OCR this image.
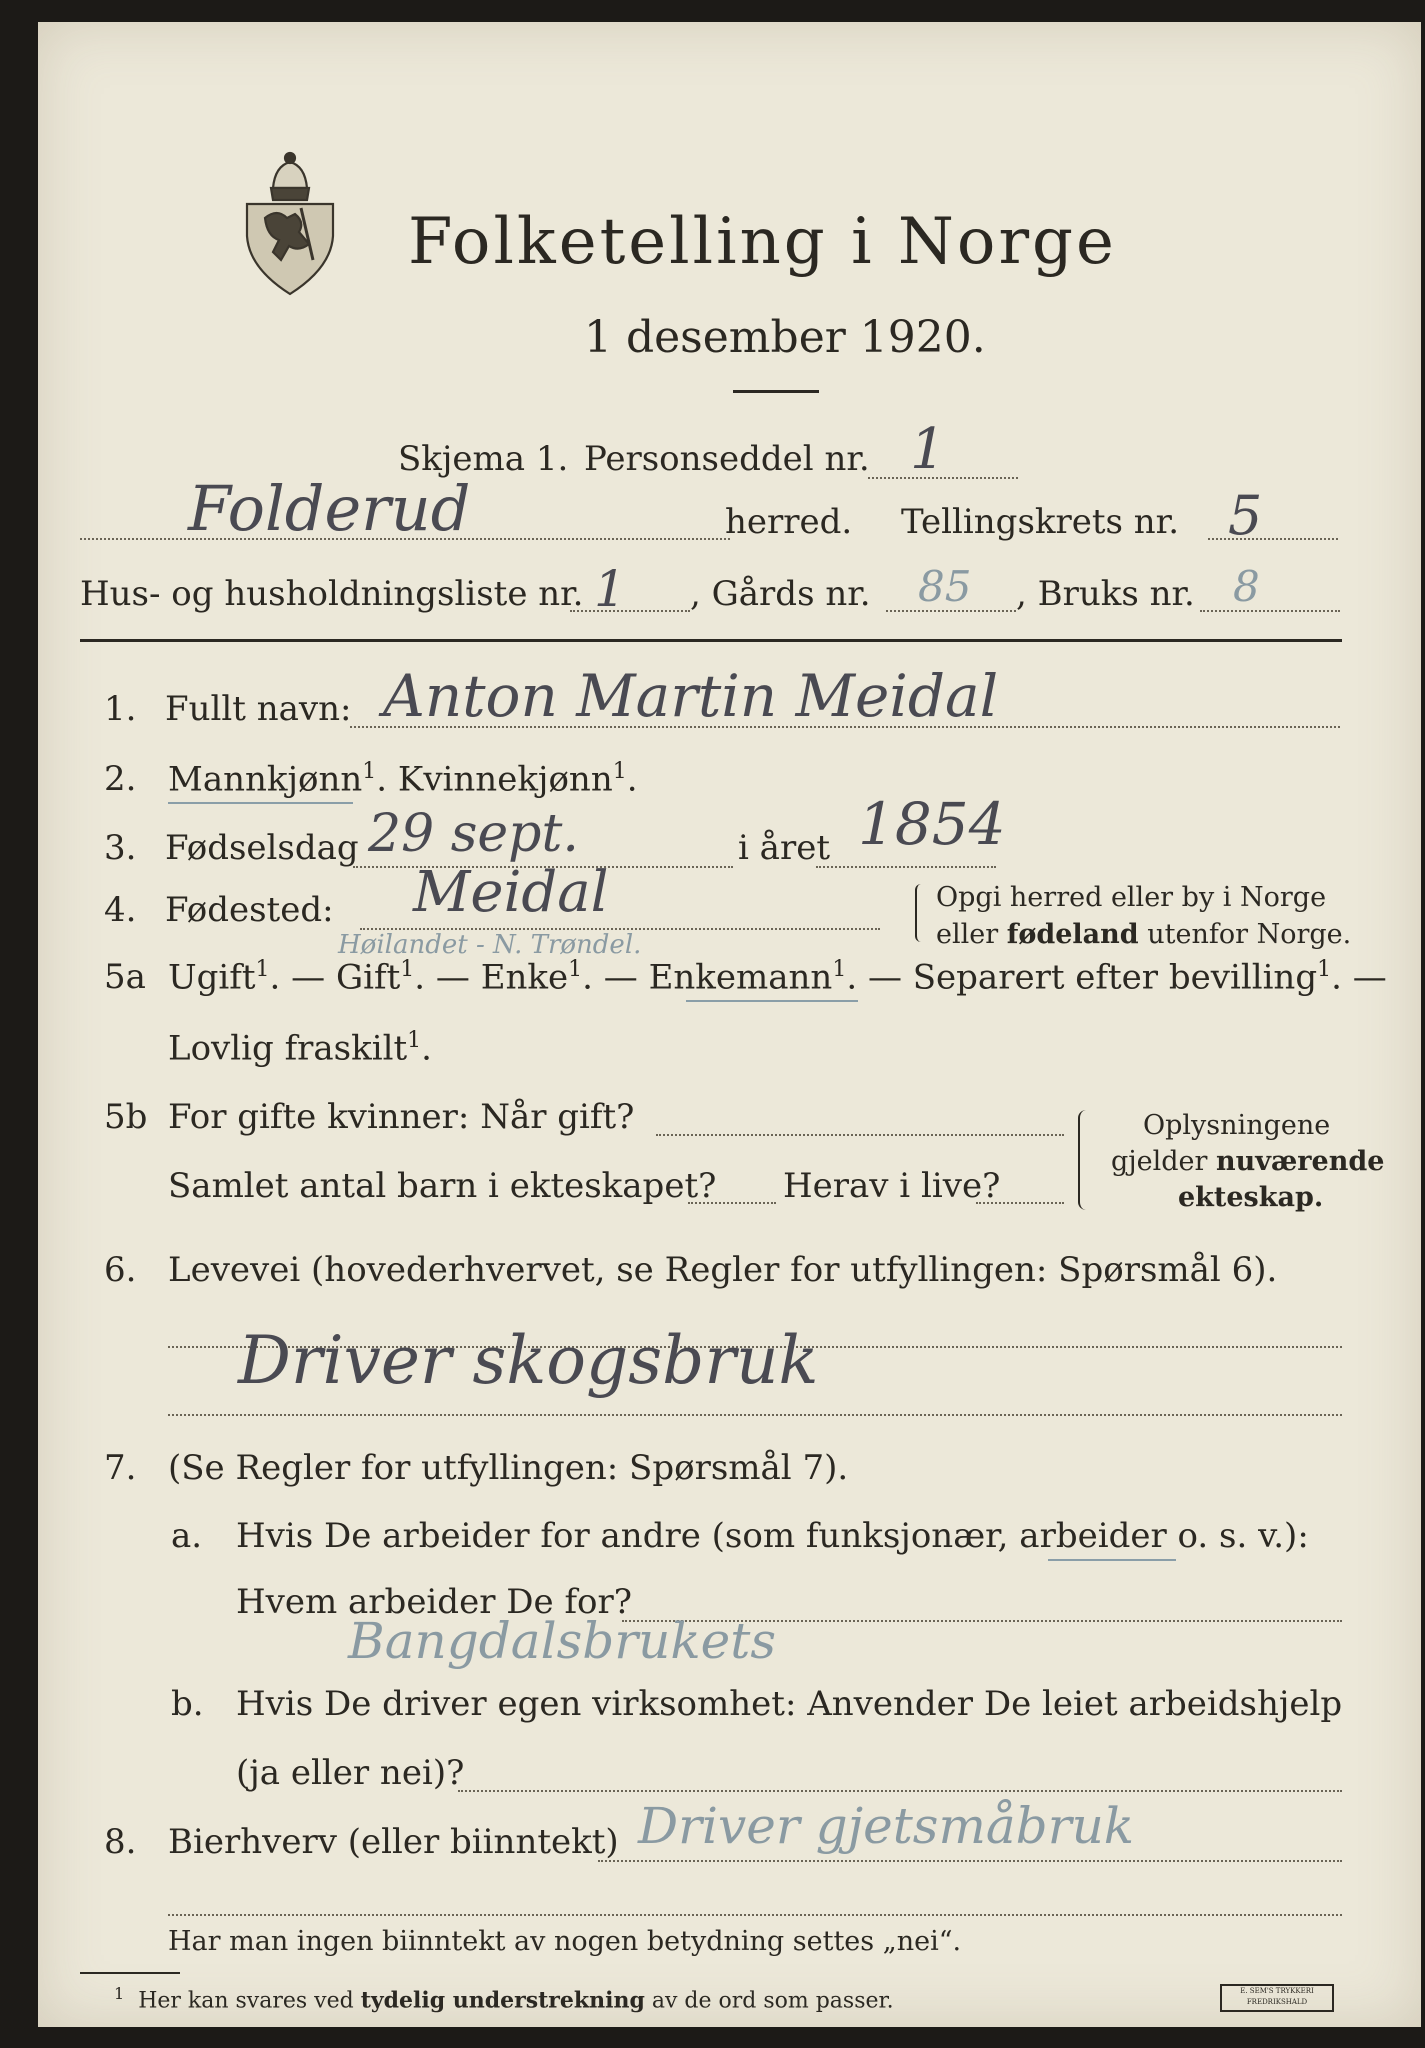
Folketelling i Norge
1 desember 1920.
Skjema 1. Personseddel nr. 1
Folderud	herred. Tellingskrets nr. 5
Hus- og husholdningsliste nr. 1 , Gårds nr. 85 , Bruks nr. 8
1. Fullt navn: Anton Martin Meidal
2. Mannkjønn$^1$. Kvinnekjønn$^1$.
3. Fødselsdag 29 sept.	i året 1854
4. Fødested: Meidal
Høilandet - N. Trøndel.
Opgi herred eller by i Norge
eller fødeland utenfor Norge.
5a Ugift$^1$. — Gift$^1$. — Enke$^1$. — Enkemann$^1$. — Separert efter bevilling$^1$. —
Lovlig fraskilt$^1$.
5b For gifte kvinner: Når gift?
Samlet antal barn i ekteskapet? Herav i live?
Oplysningene
gjelder nuværende
ekteskap.
6. Levevei (hovederhvervet, se Regler for utfyllingen: Spørsmål 6).
Driver skogsbruk
7. (Se Regler for utfyllingen: Spørsmål 7).
a. Hvis De arbeider for andre (som funksjonær, arbeider o. s. v.):
Hvem arbeider De for?
Bangdalsbrukets
b. Hvis De driver egen virksomhet: Anvender De leiet arbeidshjelp
(ja eller nei)?
8. Bierhverv (eller biinntekt) Driver gjetsmåbruk
Har man ingen biinntekt av nogen betydning settes „nei“.
$^1$ Her kan svares ved tydelig understrekning av de ord som passer.	E. SEM'S TRYKKERI FREDRIKSHALD
